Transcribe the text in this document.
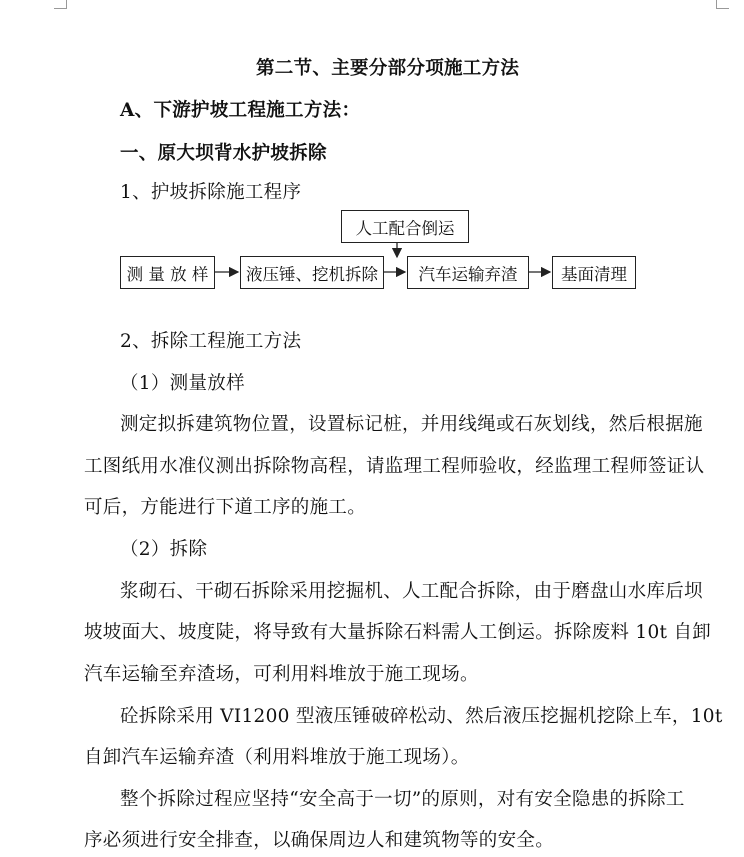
第二节、主要分部分项施工方法
A、下游护坡工程施工方法：
一、原大坝背水护坡拆除
1、护坡拆除施工程序
人工配合倒运
测 量 放 样	液压锤、挖机拆除	汽车运输弃渣	基面清理
2、拆除工程施工方法
（1）测量放样
测定拟拆建筑物位置，设置标记桩，并用线绳或石灰划线，然后根据施
工图纸用水准仪测出拆除物高程，请监理工程师验收，经监理工程师签证认
可后，方能进行下道工序的施工。
（2）拆除
浆砌石、干砌石拆除采用挖掘机、人工配合拆除，由于磨盘山水库后坝
坡坡面大、坡度陡，将导致有大量拆除石料需人工倒运。拆除废料 10t 自卸
汽车运输至弃渣场，可利用料堆放于施工现场。
砼拆除采用 VI1200 型液压锤破碎松动、然后液压挖掘机挖除上车，10t
自卸汽车运输弃渣（利用料堆放于施工现场）。
整个拆除过程应坚持“安全高于一切”的原则，对有安全隐患的拆除工
序必须进行安全排查，以确保周边人和建筑物等的安全。
